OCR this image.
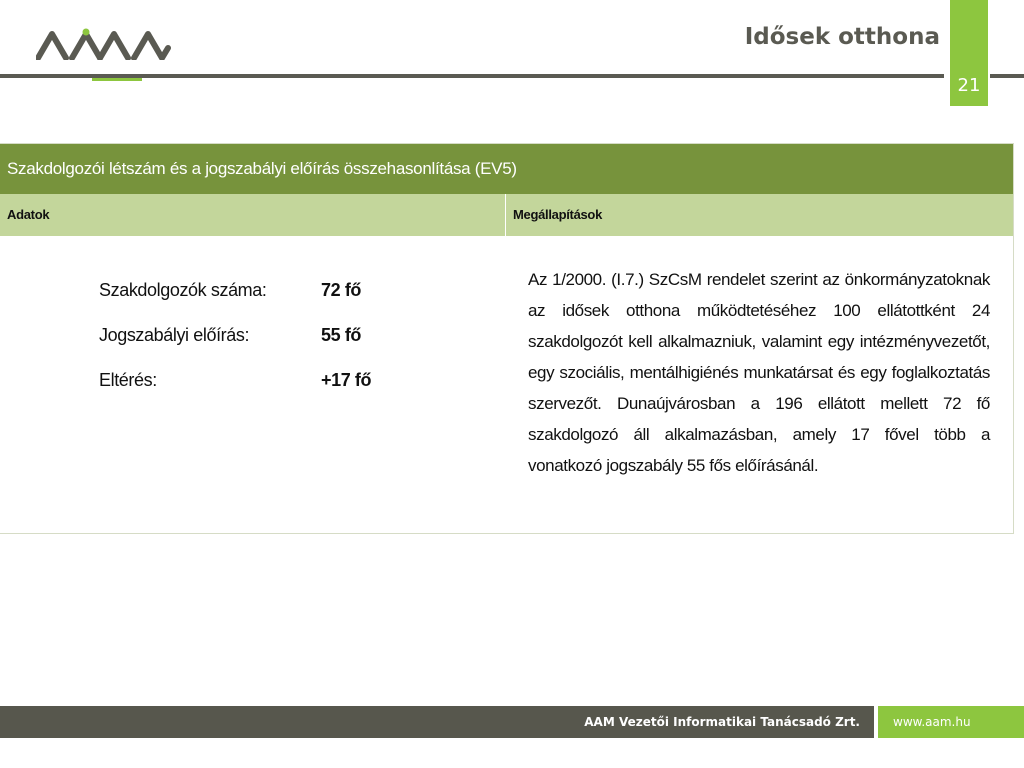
Idősek otthona
21
Szakdolgozói létszám és a jogszabályi előírás összehasonlítása (EV5)
Adatok	Megállapítások
Szakdolgozók száma:	72 fő
Jogszabályi előírás:	55 fő
Eltérés:	+17 fő
Az 1/2000. (I.7.) SzCsM rendelet szerint az önkormányzatoknak az idősek otthona működtetéséhez 100 ellátottként 24 szakdolgozót kell alkalmazniuk, valamint egy intézményvezetőt, egy szociális, mentálhigiénés munkatársat és egy foglalkoztatás szervezőt. Dunaújvárosban a 196 ellátott mellett 72 fő szakdolgozó áll alkalmazásban, amely 17 fővel több a vonatkozó jogszabály 55 fős előírásánál.
AAM Vezetői Informatikai Tanácsadó Zrt.	www.aam.hu
